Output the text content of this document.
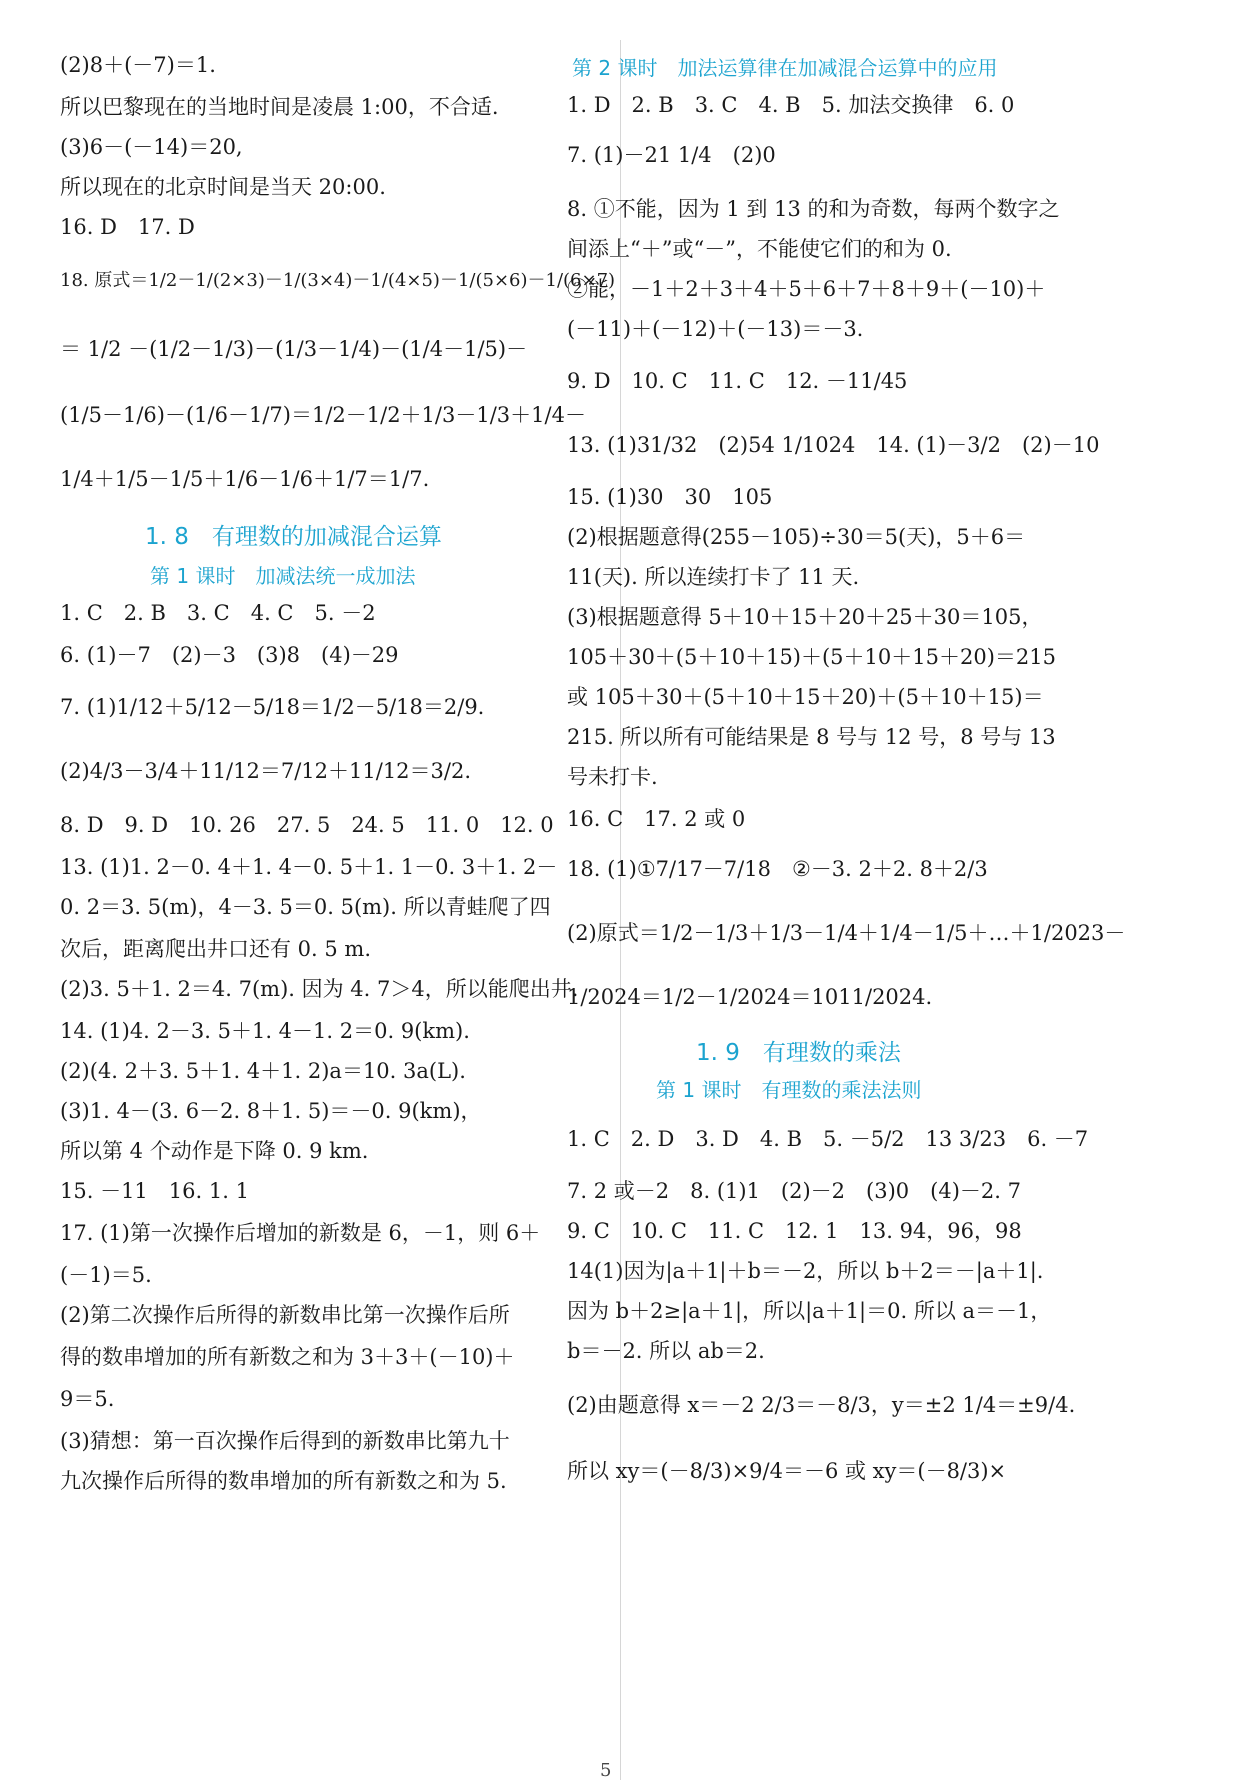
(2)8＋(－7)＝1.
所以巴黎现在的当地时间是凌晨 1:00，不合适.
(3)6－(－14)＝20,
所以现在的北京时间是当天 20:00.
16. D　17. D
18. 原式＝1/2－1/(2×3)－1/(3×4)－1/(4×5)－1/(5×6)－1/(6×7)
＝ 1/2 －(1/2－1/3)－(1/3－1/4)－(1/4－1/5)－
(1/5－1/6)－(1/6－1/7)＝1/2－1/2＋1/3－1/3＋1/4－
1/4＋1/5－1/5＋1/6－1/6＋1/7＝1/7.
1. 8　有理数的加减混合运算
第 1 课时　加减法统一成加法
1. C　2. B　3. C　4. C　5. －2
6. (1)－7　(2)－3　(3)8　(4)－29
7. (1)1/12＋5/12－5/18＝1/2－5/18＝2/9.
(2)4/3－3/4＋11/12＝7/12＋11/12＝3/2.
8. D　9. D　10. 26　27. 5　24. 5　11. 0　12. 0
13. (1)1. 2－0. 4＋1. 4－0. 5＋1. 1－0. 3＋1. 2－
0. 2＝3. 5(m)，4－3. 5＝0. 5(m). 所以青蛙爬了四
次后，距离爬出井口还有 0. 5 m.
(2)3. 5＋1. 2＝4. 7(m). 因为 4. 7＞4，所以能爬出井.
14. (1)4. 2－3. 5＋1. 4－1. 2＝0. 9(km).
(2)(4. 2＋3. 5＋1. 4＋1. 2)a＝10. 3a(L).
(3)1. 4－(3. 6－2. 8＋1. 5)＝－0. 9(km)，
所以第 4 个动作是下降 0. 9 km.
15. －11　16. 1. 1
17. (1)第一次操作后增加的新数是 6，－1，则 6＋
(－1)＝5.
(2)第二次操作后所得的新数串比第一次操作后所
得的数串增加的所有新数之和为 3＋3＋(－10)＋
9＝5.
(3)猜想：第一百次操作后得到的新数串比第九十
九次操作后所得的数串增加的所有新数之和为 5.
第 2 课时　加法运算律在加减混合运算中的应用
1. D　2. B　3. C　4. B　5. 加法交换律　6. 0
7. (1)－21 1/4　(2)0
8. ①不能，因为 1 到 13 的和为奇数，每两个数字之
间添上“＋”或“－”，不能使它们的和为 0.
②能，－1＋2＋3＋4＋5＋6＋7＋8＋9＋(－10)＋
(－11)＋(－12)＋(－13)＝－3.
9. D　10. C　11. C　12. －11/45
13. (1)31/32　(2)54 1/1024　14. (1)－3/2　(2)－10
15. (1)30　30　105
(2)根据题意得(255－105)÷30＝5(天)，5＋6＝
11(天). 所以连续打卡了 11 天.
(3)根据题意得 5＋10＋15＋20＋25＋30＝105，
105＋30＋(5＋10＋15)＋(5＋10＋15＋20)＝215
或 105＋30＋(5＋10＋15＋20)＋(5＋10＋15)＝
215. 所以所有可能结果是 8 号与 12 号，8 号与 13
号未打卡.
16. C　17. 2 或 0
18. (1)①7/17－7/18　②－3. 2＋2. 8＋2/3
(2)原式＝1/2－1/3＋1/3－1/4＋1/4－1/5＋…＋1/2023－
1/2024＝1/2－1/2024＝1011/2024.
1. 9　有理数的乘法
第 1 课时　有理数的乘法法则
1. C　2. D　3. D　4. B　5. －5/2　13 3/23　6. －7
7. 2 或－2　8. (1)1　(2)－2　(3)0　(4)－2. 7
9. C　10. C　11. C　12. 1　13. 94，96，98
14(1)因为|a＋1|＋b＝－2，所以 b＋2＝－|a＋1|.
因为 b＋2≥|a＋1|，所以|a＋1|＝0. 所以 a＝－1，
b＝－2. 所以 ab＝2.
(2)由题意得 x＝－2 2/3＝－8/3，y＝±2 1/4＝±9/4.
所以 xy＝(－8/3)×9/4＝－6 或 xy＝(－8/3)×
5
